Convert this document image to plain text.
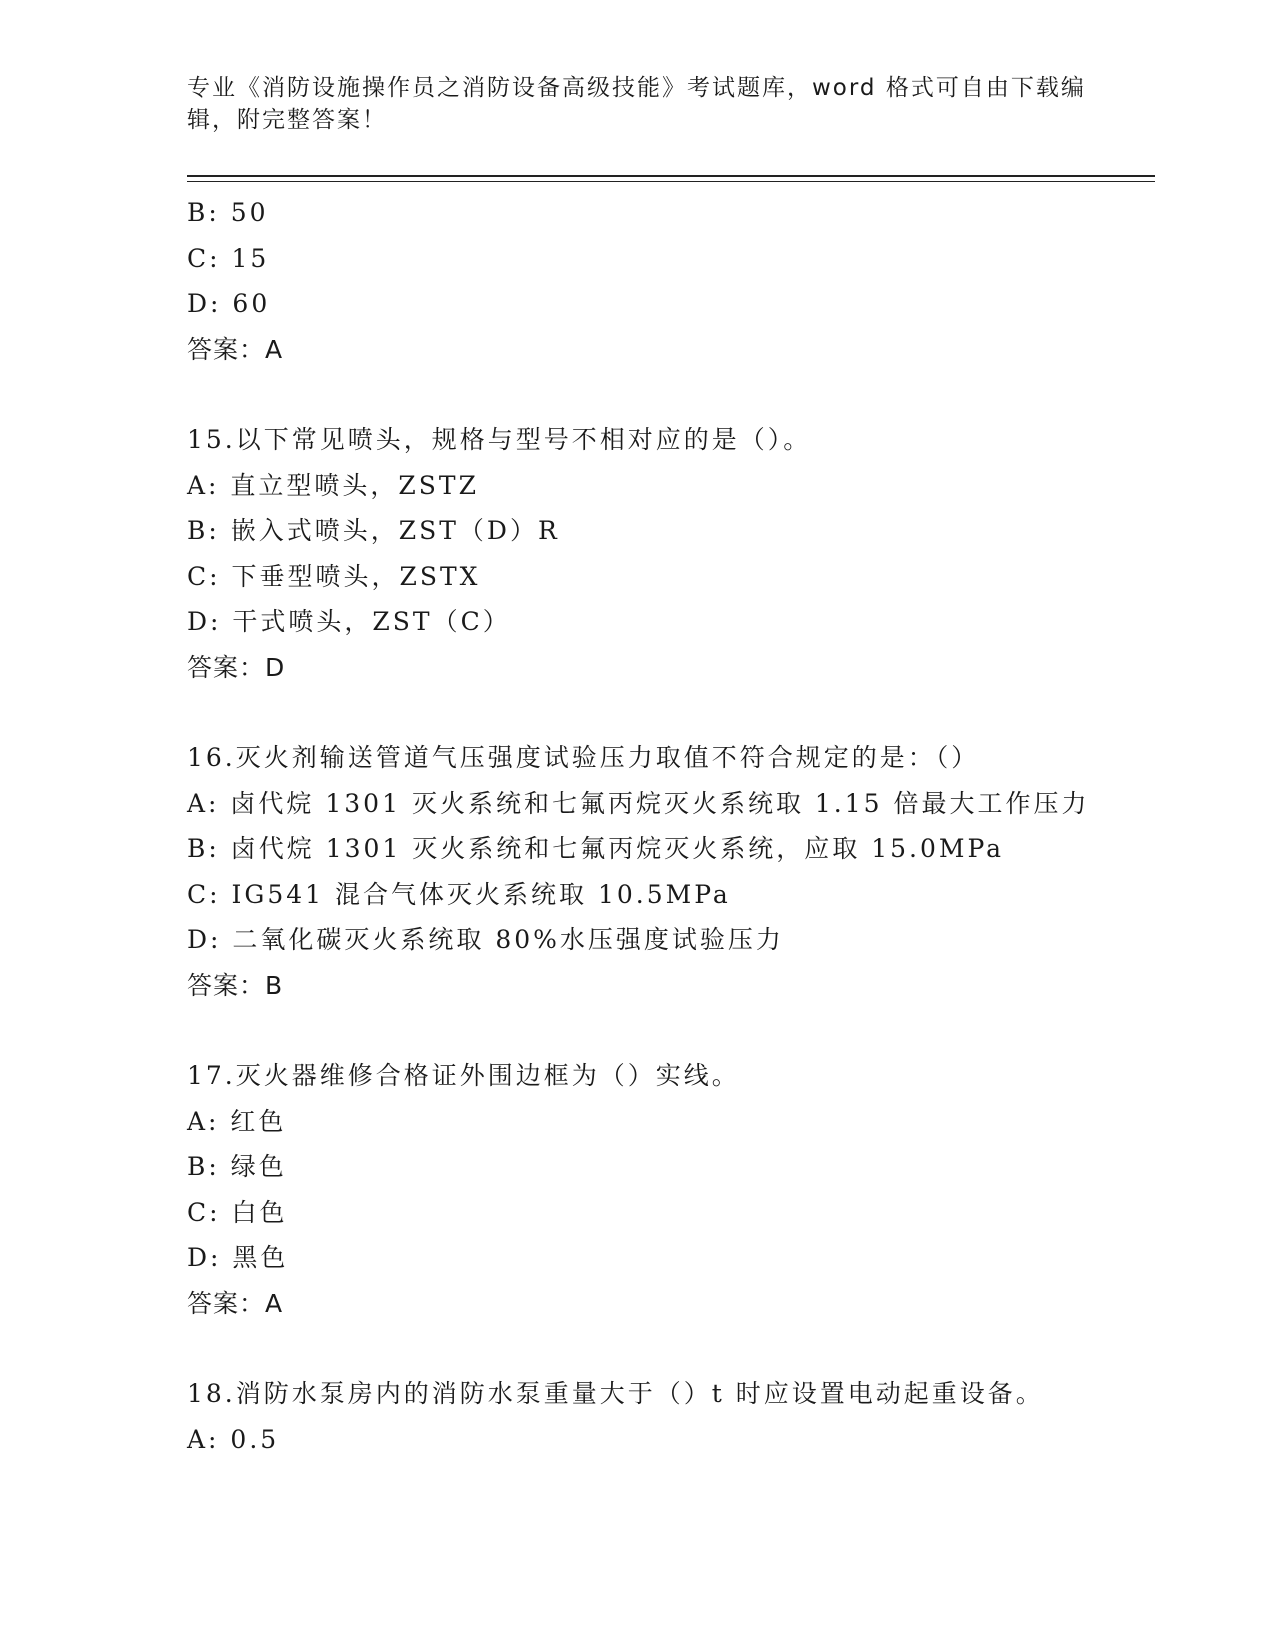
专业《消防设施操作员之消防设备高级技能》考试题库，word 格式可自由下载编辑，附完整答案！
B: 50
C: 15
D: 60
答案：A
15.以下常见喷头，规格与型号不相对应的是（）。
A: 直立型喷头，ZSTZ
B: 嵌入式喷头，ZST（D）R
C: 下垂型喷头，ZSTX
D: 干式喷头，ZST（C）
答案：D
16.灭火剂输送管道气压强度试验压力取值不符合规定的是：（）
A: 卤代烷 1301 灭火系统和七氟丙烷灭火系统取 1.15 倍最大工作压力
B: 卤代烷 1301 灭火系统和七氟丙烷灭火系统，应取 15.0MPa
C: IG541 混合气体灭火系统取 10.5MPa
D: 二氧化碳灭火系统取 80%水压强度试验压力
答案：B
17.灭火器维修合格证外围边框为（）实线。
A: 红色
B: 绿色
C: 白色
D: 黑色
答案：A
18.消防水泵房内的消防水泵重量大于（）t 时应设置电动起重设备。
A: 0.5
